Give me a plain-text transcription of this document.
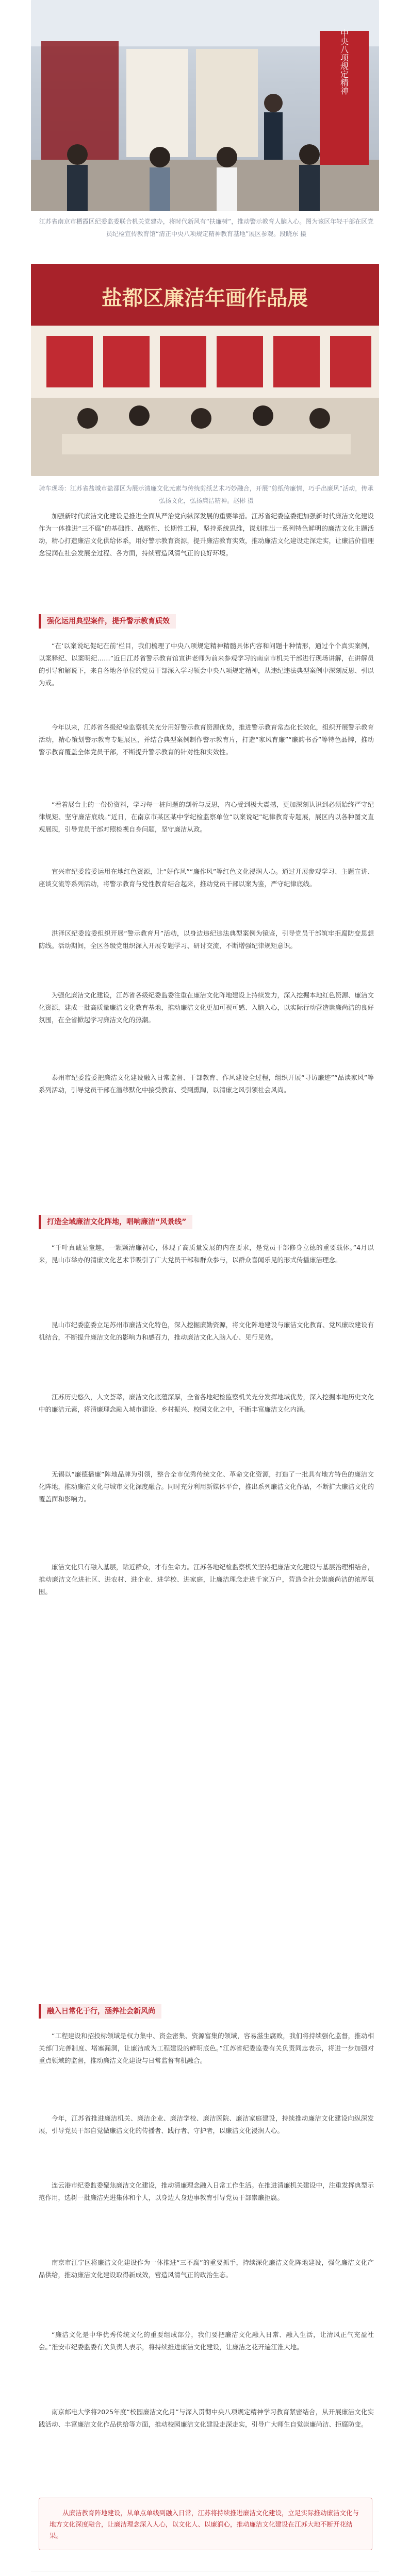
中央八项规定精神
江苏省南京市栖霞区纪委监委联合机关党建办，将时代新风有“扶廉树”，推动警示教育人脑入心。图为该区年轻干部在区党员纪检宣传教育馆“清正中央八项规定精神教育基地”展区参观。段晓东 摄
盐都区廉洁年画作品展
骑车现场：江苏省盐城市盐都区为展示清廉文化元素与传统剪纸艺术巧妙融合，开展“剪纸传廉情，巧手出廉风”活动，传承弘扬文化，弘扬廉洁精神。赵彬 摄

加强新时代廉洁文化建设是推进全面从严治党向纵深发展的重要举措。江苏省纪委监委把加强新时代廉洁文化建设作为一体推进“三不腐”的基础性、战略性、长期性工程，坚持系统思维，谋划推出一系列特色鲜明的廉洁文化主题活动，精心打造廉洁文化供给体系，用好警示教育资源，提升廉洁教育实效，推动廉洁文化建设走深走实，让廉洁价值理念浸润在社会发展全过程、各方面，持续营造风清气正的良好环境。

强化运用典型案件，提升警示教育质效

“在‘以案说纪促纪在前’栏目，我们梳理了中央八项规定精神精髓具体内容和问题十种情形，通过个个真实案例，以案释纪、以案明纪……”近日江苏省警示教育馆宣讲老师为前来参观学习的南京市机关干部进行现场讲解，在讲解员的引导和解说下，来自各地各单位的党员干部深入学习领会中央八项规定精神，从违纪违法典型案例中深刻反思、引以为戒。

今年以来，江苏省各级纪检监察机关充分用好警示教育资源优势，推进警示教育常态化长效化，组织开展警示教育活动，精心策划警示教育专题展区，并结合典型案例制作警示教育片，打造“家风育廉”“廉韵书香”等特色品牌，推动警示教育覆盖全体党员干部，不断提升警示教育的针对性和实效性。

“看着展台上的一份份资料，学习每一桩问题的剖析与反思，内心受到极大震撼，更加深刻认识到必须始终严守纪律规矩、坚守廉洁底线。”近日，在南京市某区某中学纪检监察单位“以案说纪”纪律教育专题展，展区内以各种图文直观展现，引导党员干部对照检视自身问题，坚守廉洁从政。

宜兴市纪委监委运用在地红色资源，让“好作风”“廉作风”等红色文化浸润人心。通过开展参观学习、主题宣讲、座谈交流等系列活动，将警示教育与党性教育结合起来，推动党员干部以案为鉴，严守纪律底线。

洪泽区纪委监委组织开展“警示教育月”活动，以身边违纪违法典型案例为镜鉴，引导党员干部筑牢拒腐防变思想防线。活动期间，全区各级党组织深入开展专题学习、研讨交流，不断增强纪律规矩意识。

为强化廉洁文化建设，江苏省各级纪委监委注重在廉洁文化阵地建设上持续发力，深入挖掘本地红色资源、廉洁文化资源，建成一批高质量廉洁文化教育基地，推动廉洁文化更加可视可感、入脑入心，以实际行动营造崇廉尚洁的良好氛围，在全省掀起学习廉洁文化的热潮。

泰州市纪委监委把廉洁文化建设融入日常监督、干部教育、作风建设全过程，组织开展“寻访廉迹”“品读家风”等系列活动，引导党员干部在潜移默化中接受教育、受到熏陶，以清廉之风引领社会风尚。

打造全域廉洁文化阵地，唱响廉洁“风景线”

“千叶真诚显童趣，一颗颗清廉初心，体现了高质量发展的内在要求，是党员干部修身立德的重要载体。”4月以来，昆山市举办的清廉文化艺术节吸引了广大党员干部和群众参与，以群众喜闻乐见的形式传播廉洁理念。

昆山市纪委监委立足苏州市廉洁文化特色，深入挖掘廉勤资源，将文化阵地建设与廉洁文化教育、党风廉政建设有机结合，不断提升廉洁文化的影响力和感召力，推动廉洁文化入脑入心、见行见效。

江苏历史悠久，人文荟萃，廉洁文化底蕴深厚，全省各地纪检监察机关充分发挥地域优势，深入挖掘本地历史文化中的廉洁元素，将清廉理念融入城市建设、乡村振兴、校园文化之中，不断丰富廉洁文化内涵。

无锡以“廉德播廉”阵地品牌为引领，整合全市优秀传统文化、革命文化资源，打造了一批具有地方特色的廉洁文化阵地，推动廉洁文化与城市文化深度融合。同时充分利用新媒体平台，推出系列廉洁文化作品，不断扩大廉洁文化的覆盖面和影响力。

廉洁文化只有融入基层，贴近群众，才有生命力。江苏各地纪检监察机关坚持把廉洁文化建设与基层治理相结合，推动廉洁文化进社区、进农村、进企业、进学校、进家庭，让廉洁理念走进千家万户，营造全社会崇廉尚洁的浓厚氛围。

融入日常化于行，涵养社会新风尚

“工程建设和招投标领域是权力集中、资金密集、资源富集的领域，容易滋生腐败，我们将持续强化监督，推动相关部门完善制度、堵塞漏洞，让廉洁成为工程建设的鲜明底色。”江苏省纪委监委有关负责同志表示，将进一步加强对重点领域的监督，推动廉洁文化建设与日常监督有机融合。

今年，江苏省推进廉洁机关、廉洁企业、廉洁学校、廉洁医院、廉洁家庭建设，持续推动廉洁文化建设向纵深发展，引导党员干部自觉做廉洁文化的传播者、践行者、守护者，以廉洁文化浸润人心。

连云港市纪委监委聚焦廉洁文化建设，推动清廉理念融入日常工作生活。在推进清廉机关建设中，注重发挥典型示范作用，选树一批廉洁先进集体和个人，以身边人身边事教育引导党员干部崇廉拒腐。

南京市江宁区将廉洁文化建设作为一体推进“三不腐”的重要抓手，持续深化廉洁文化阵地建设，强化廉洁文化产品供给，推动廉洁文化建设取得新成效，营造风清气正的政治生态。

“廉洁文化是中华优秀传统文化的重要组成部分，我们要把廉洁文化融入日常、融入生活，让清风正气充盈社会。”淮安市纪委监委有关负责人表示，将持续推进廉洁文化建设，让廉洁之花开遍江淮大地。

南京邮电大学将2025年度“校园廉洁文化月”与深入贯彻中央八项规定精神学习教育紧密结合，从开展廉洁文化实践活动、丰富廉洁文化作品供给等方面，推动校园廉洁文化建设走深走实，引导广大师生自觉崇廉尚洁、拒腐防变。

从廉洁教育阵地建设，从单点单线到融入日常，江苏将持续推进廉洁文化建设，立足实际推动廉洁文化与地方文化深度融合，让廉洁理念深入人心，以文化人、以廉润心，推动廉洁文化建设在江苏大地不断开花结果。
